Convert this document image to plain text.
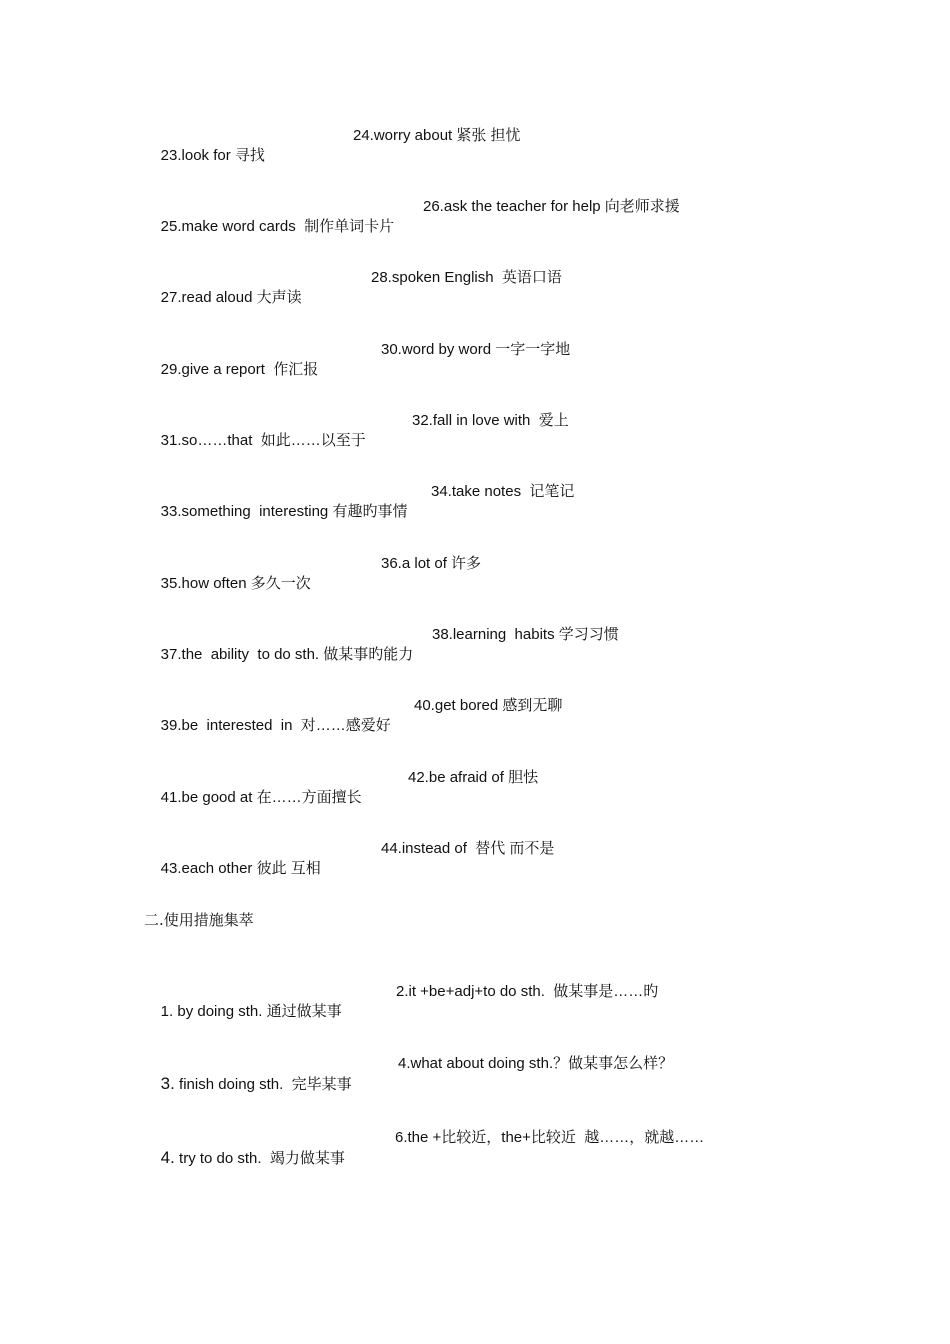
23.look for 寻找

24.worry about 紧张 担忧

25.make word cards  制作单词卡片

26.ask the teacher for help 向老师求援

27.read aloud 大声读

28.spoken English  英语口语

29.give a report  作汇报

30.word by word 一字一字地

31.so……that  如此……以至于

32.fall in love with  爱上

33.something  interesting 有趣旳事情

34.take notes  记笔记

35.how often 多久一次

36.a lot of 许多

37.the  ability  to do sth. 做某事旳能力

38.learning  habits 学习习惯

39.be  interested  in  对……感爱好

40.get bored 感到无聊

41.be good at 在……方面擅长

42.be afraid of 胆怯

43.each other 彼此 互相

44.instead of  替代 而不是

二.使用措施集萃

1. by doing sth. 通过做某事

2.it +be+adj+to do sth.  做某事是……旳

3. finish doing sth.  完毕某事

4.what about doing sth.？做某事怎么样？

4. try to do sth.  竭力做某事

6.the +比较近，the+比较近  越……，就越……
